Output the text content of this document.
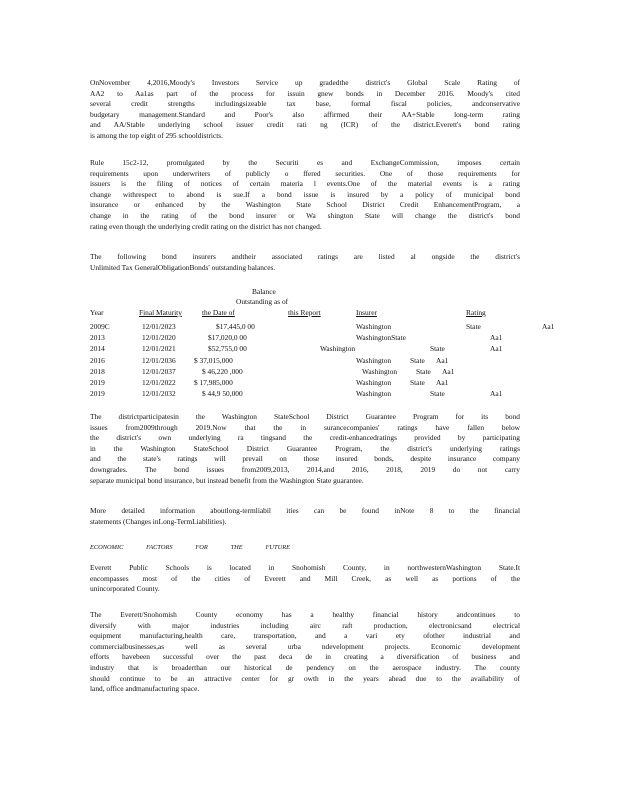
OnNovember 4,2016,Moody's Investors Service up gradedthe district's Global Scale Rating of
AA2 to Aa1as part of the process for issuin gnew bonds in December 2016. Moody's cited
several credit strengths includingsizeable tax base, formal fiscal policies, andconservative
budgetary management.Standard and Poor's also affirmed their AA+Stable long-term rating
and AA/Stable underlying school issuer credit rati ng (ICR) of the district.Everett's bond rating
is among the top eight of 295 schooldistricts.
Rule 15c2-12, promulgated by the Securiti es and ExchangeCommission, imposes certain
requirements upon underwriters of publicly o ffered securities. One of those requirements for
issuers is the filing of notices of certain materia l events.One of the material events is a rating
change withrespect to abond is sue.If a bond issue is insured by a policy of municipal bond
insurance or enhanced by the Washington State School District Credit EnhancementProgram, a
change in the rating of the bond insurer or Wa shington State will change the district's bond
rating even though the underlying credit rating on the district has not changed.
The following bond insurers andtheir associated ratings are listed al ongside the district's
Unlimited Tax GeneralObligationBonds' outstanding balances.
Balance
Outstanding as of
Year	Final Maturity	the Date of	this Report	Insurer	Rating
2009C	12/01/2023	$17,445,0 00	Washington	State	Aa1
2013	12/01/2020	$17,020,0 00	WashingtonState	Aa1
2014	12/01/2021	$52,755,0 00	Washington	State	Aa1
2016	12/01/2036 $ 37,015,000	Washington	State Aa1
2018	12/01/2037	$ 46,220 ,000	Washington	State Aa1
2019	12/01/2022 $ 17,985,000	Washington	State Aa1
2019	12/01/2032	$ 44,9 50,000	Washington	State	Aa1
The districtparticipatesin the Washington StateSchool District Guarantee Program for its bond
issues from2009through 2019.Now that the in surancecompanies' ratings have fallen below
the district's own underlying ra tingsand the credit-enhancedratings provided by participating
in the Washington StateSchool District Guarantee Program, the district's underlying ratings
and the state's ratings will prevail on those insured bonds, despite insurance company
downgrades. The bond issues from2009,2013, 2014,and 2016, 2018, 2019 do not carry
separate municipal bond insurance, but instead benefit from the Washington State guarantee.
More detailed information aboutlong-termliabil ities can be found inNote 8 to the financial
statements (Changes inLong-TermLiabilities).
ECONOMIC FACTORS FOR THE FUTURE
Everett Public Schools is located in Snohomish County, in northwesternWashington State.It
encompasses most of the cities of Everett and Mill Creek, as well as portions of the
unincorporated County.
The Everett/Snohomish County economy has a healthy financial history andcontinues to
diversify with major industries including airc raft production, electronicsand electrical
equipment manufacturing,health care, transportation, and a vari ety ofother industrial and
commercialbusinesses,as well as several urba ndevelopment projects. Economic development
efforts havebeen successful over the past deca de in creating a diversification of business and
industry that is broaderthan our historical de pendency on the aerospace industry. The county
should continue to be an attractive center for gr owth in the years ahead due to the availability of
land, office andmanufacturing space.
